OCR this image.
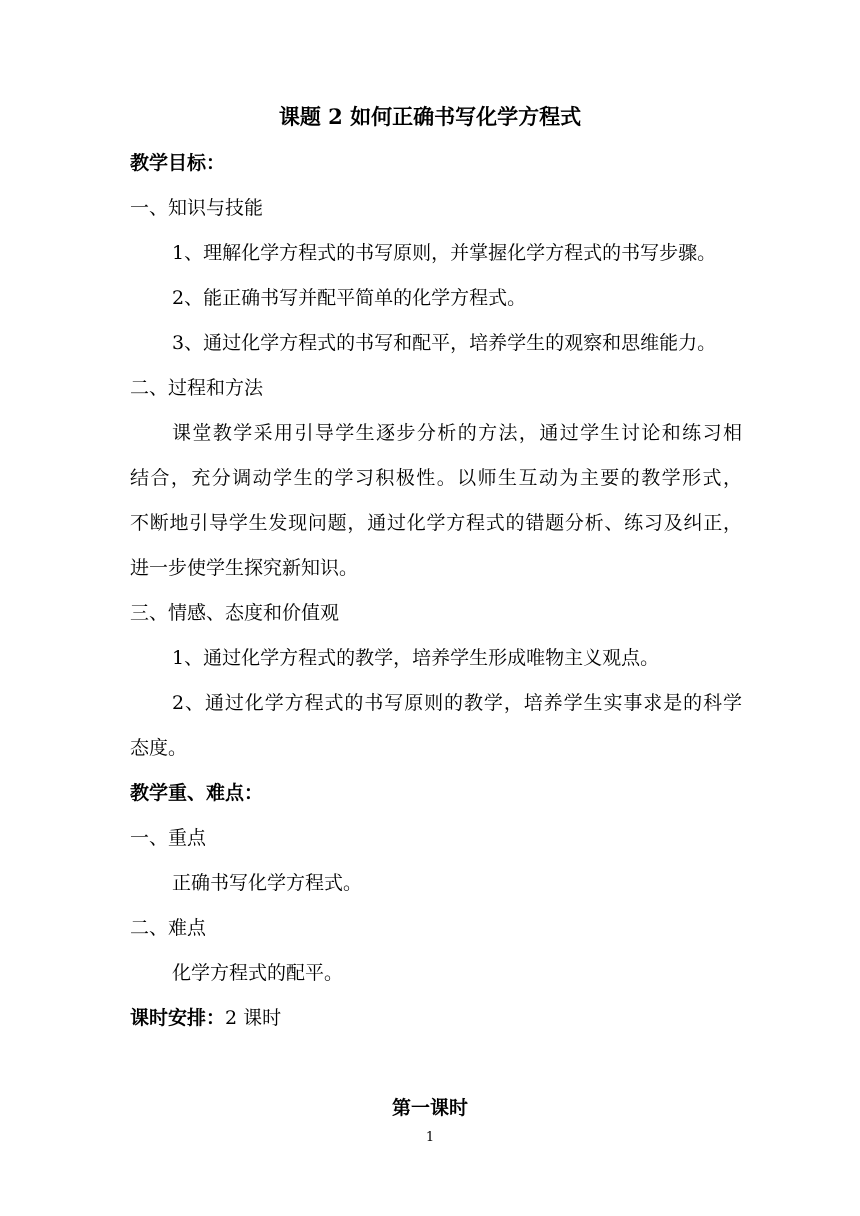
课题 2 如何正确书写化学方程式
教学目标：
一、知识与技能
1、理解化学方程式的书写原则，并掌握化学方程式的书写步骤。
2、能正确书写并配平简单的化学方程式。
3、通过化学方程式的书写和配平，培养学生的观察和思维能力。
二、过程和方法
课堂教学采用引导学生逐步分析的方法，通过学生讨论和练习相
结合，充分调动学生的学习积极性。以师生互动为主要的教学形式，
不断地引导学生发现问题，通过化学方程式的错题分析、练习及纠正，
进一步使学生探究新知识。
三、情感、态度和价值观
1、通过化学方程式的教学，培养学生形成唯物主义观点。
2、通过化学方程式的书写原则的教学，培养学生实事求是的科学
态度。
教学重、难点：
一、重点
正确书写化学方程式。
二、难点
化学方程式的配平。
课时安排：2 课时
第一课时
1
